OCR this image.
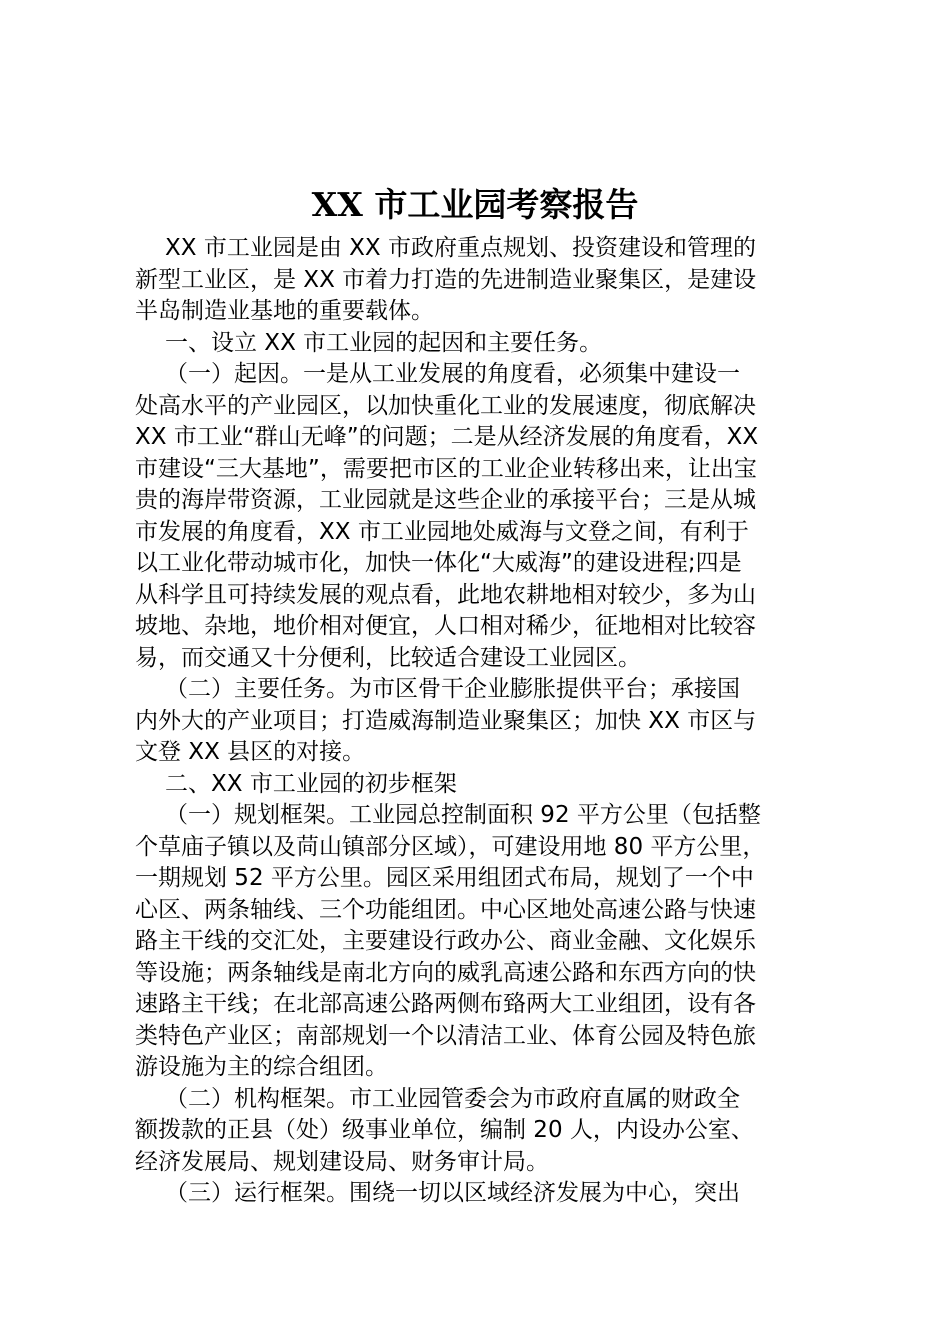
XX 市工业园考察报告
XX 市工业园是由 XX 市政府重点规划、投资建设和管理的
新型工业区，是 XX 市着力打造的先进制造业聚集区，是建设
半岛制造业基地的重要载体。
一、设立 XX 市工业园的起因和主要任务。
（一）起因。一是从工业发展的角度看，必须集中建设一
处高水平的产业园区，以加快重化工业的发展速度，彻底解决
XX 市工业“群山无峰”的问题；二是从经济发展的角度看，XX
市建设“三大基地”，需要把市区的工业企业转移出来，让出宝
贵的海岸带资源，工业园就是这些企业的承接平台；三是从城
市发展的角度看，XX 市工业园地处威海与文登之间，有利于
以工业化带动城市化，加快一体化“大威海”的建设进程;四是
从科学且可持续发展的观点看，此地农耕地相对较少，多为山
坡地、杂地，地价相对便宜，人口相对稀少，征地相对比较容
易，而交通又十分便利，比较适合建设工业园区。
（二）主要任务。为市区骨干企业膨胀提供平台；承接国
内外大的产业项目；打造威海制造业聚集区；加快 XX 市区与
文登 XX 县区的对接。
二、XX 市工业园的初步框架
（一）规划框架。工业园总控制面积 92 平方公里（包括整
个草庙子镇以及苘山镇部分区域），可建设用地 80 平方公里，
一期规划 52 平方公里。园区采用组团式布局，规划了一个中
心区、两条轴线、三个功能组团。中心区地处高速公路与快速
路主干线的交汇处，主要建设行政办公、商业金融、文化娱乐
等设施；两条轴线是南北方向的威乳高速公路和东西方向的快
速路主干线；在北部高速公路两侧布臵两大工业组团，设有各
类特色产业区；南部规划一个以清洁工业、体育公园及特色旅
游设施为主的综合组团。
（二）机构框架。市工业园管委会为市政府直属的财政全
额拨款的正县（处）级事业单位，编制 20 人，内设办公室、
经济发展局、规划建设局、财务审计局。
（三）运行框架。围绕一切以区域经济发展为中心，突出
